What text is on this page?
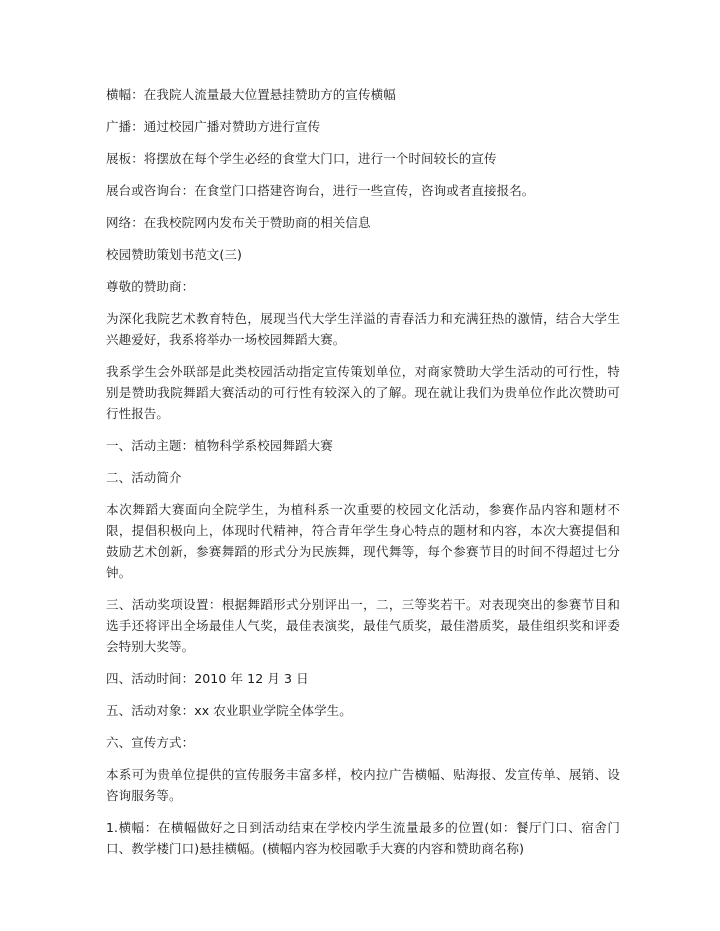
横幅：在我院人流量最大位置悬挂赞助方的宣传横幅

广播：通过校园广播对赞助方进行宣传

展板：将摆放在每个学生必经的食堂大门口，进行一个时间较长的宣传

展台或咨询台：在食堂门口搭建咨询台，进行一些宣传，咨询或者直接报名。

网络：在我校院网内发布关于赞助商的相关信息

校园赞助策划书范文(三)

尊敬的赞助商：

为深化我院艺术教育特色，展现当代大学生洋溢的青春活力和充满狂热的激情，结合大学生兴趣爱好，我系将举办一场校园舞蹈大赛。

我系学生会外联部是此类校园活动指定宣传策划单位，对商家赞助大学生活动的可行性，特别是赞助我院舞蹈大赛活动的可行性有较深入的了解。现在就让我们为贵单位作此次赞助可行性报告。

一、活动主题：植物科学系校园舞蹈大赛

二、活动简介

本次舞蹈大赛面向全院学生，为植科系一次重要的校园文化活动，参赛作品内容和题材不限，提倡积极向上，体现时代精神，符合青年学生身心特点的题材和内容，本次大赛提倡和鼓励艺术创新，参赛舞蹈的形式分为民族舞，现代舞等，每个参赛节目的时间不得超过七分钟。

三、活动奖项设置：根据舞蹈形式分别评出一，二，三等奖若干。对表现突出的参赛节目和选手还将评出全场最佳人气奖，最佳表演奖，最佳气质奖，最佳潜质奖，最佳组织奖和评委会特别大奖等。

四、活动时间：2010 年 12 月 3 日

五、活动对象：xx 农业职业学院全体学生。

六、宣传方式：

本系可为贵单位提供的宣传服务丰富多样，校内拉广告横幅、贴海报、发宣传单、展销、设咨询服务等。

1.横幅：在横幅做好之日到活动结束在学校内学生流量最多的位置(如：餐厅门口、宿舍门口、教学楼门口)悬挂横幅。(横幅内容为校园歌手大赛的内容和赞助商名称)
